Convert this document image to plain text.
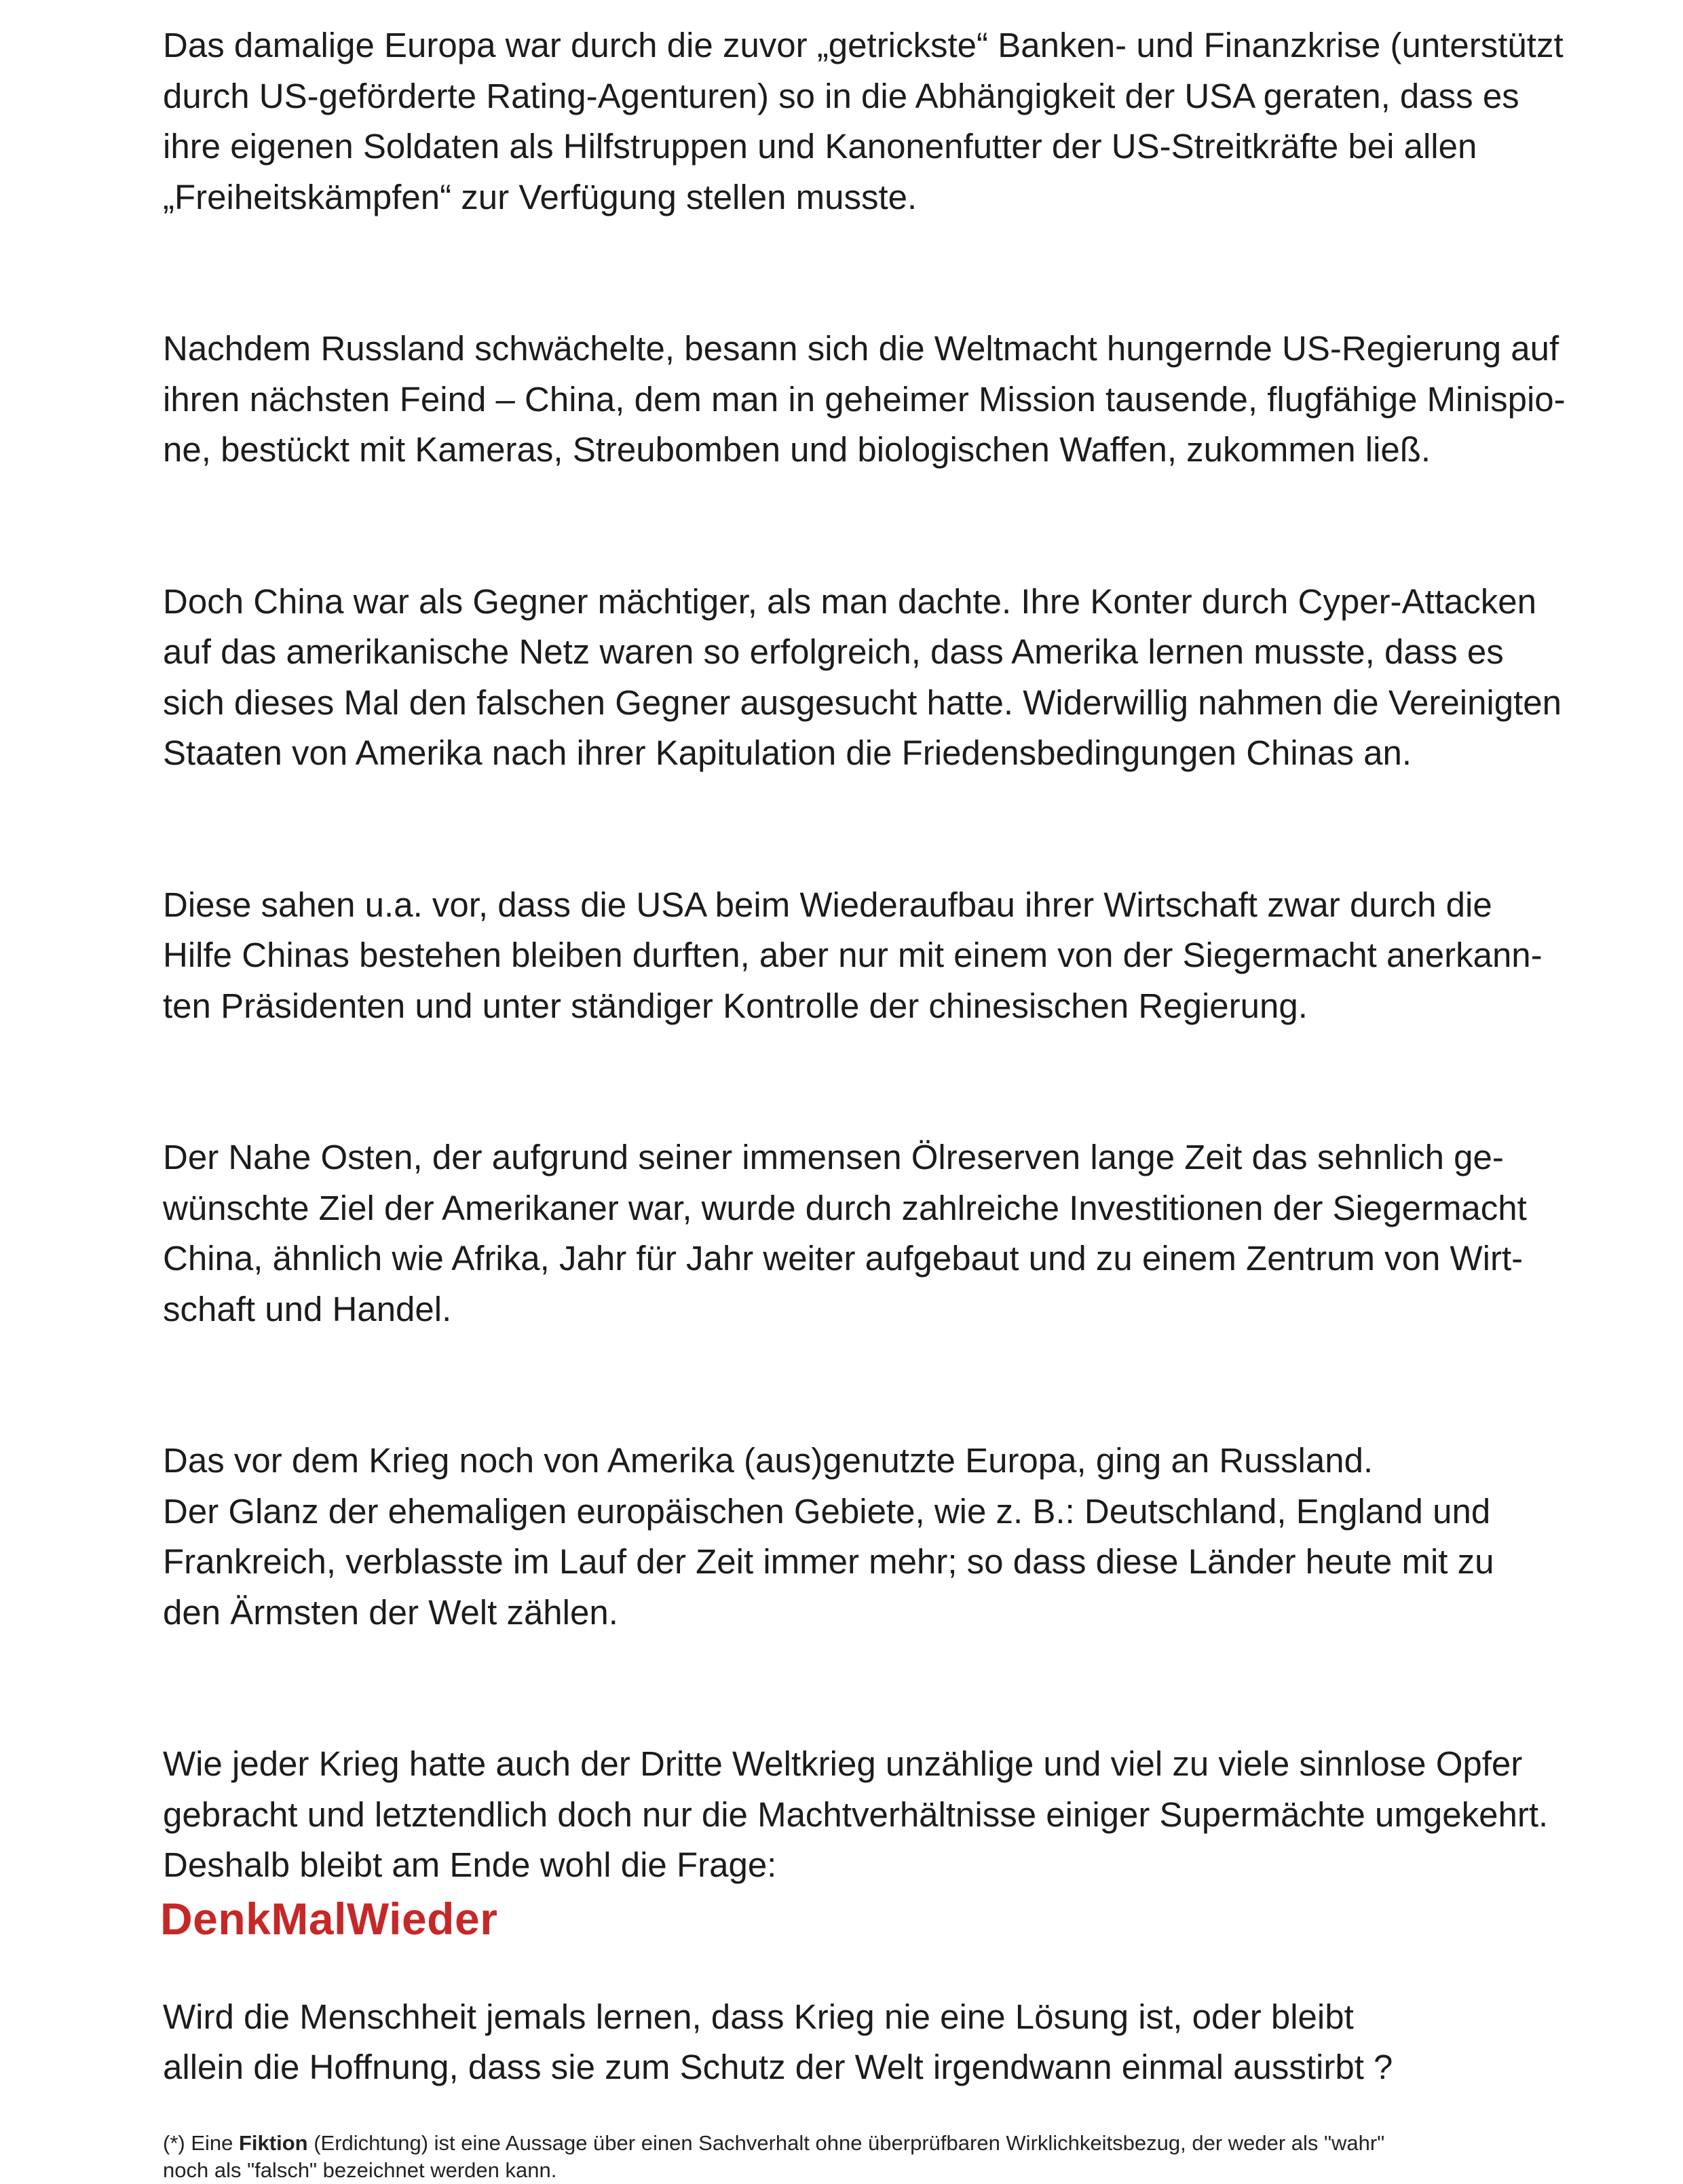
Das damalige Europa war durch die zuvor „getrickste“ Banken- und Finanzkrise (unterstützt
durch US-geförderte Rating-Agenturen) so in die Abhängigkeit der USA geraten, dass es
ihre eigenen Soldaten als Hilfstruppen und Kanonenfutter der US-Streitkräfte bei allen
„Freiheitskämpfen“ zur Verfügung stellen musste.
Nachdem Russland schwächelte, besann sich die Weltmacht hungernde US-Regierung auf
ihren nächsten Feind – China, dem man in geheimer Mission tausende, flugfähige Minispio-
ne, bestückt mit Kameras, Streubomben und biologischen Waffen, zukommen ließ.
Doch China war als Gegner mächtiger, als man dachte. Ihre Konter durch Cyper-Attacken
auf das amerikanische Netz waren so erfolgreich, dass Amerika lernen musste, dass es
sich dieses Mal den falschen Gegner ausgesucht hatte. Widerwillig nahmen die Vereinigten
Staaten von Amerika nach ihrer Kapitulation die Friedensbedingungen Chinas an.
Diese sahen u.a. vor, dass die USA beim Wiederaufbau ihrer Wirtschaft zwar durch die
Hilfe Chinas bestehen bleiben durften, aber nur mit einem von der Siegermacht anerkann-
ten Präsidenten und unter ständiger Kontrolle der chinesischen Regierung.
Der Nahe Osten, der aufgrund seiner immensen Ölreserven lange Zeit das sehnlich ge-
wünschte Ziel der Amerikaner war, wurde durch zahlreiche Investitionen der Siegermacht
China, ähnlich wie Afrika, Jahr für Jahr weiter aufgebaut und zu einem Zentrum von Wirt-
schaft und Handel.
Das vor dem Krieg noch von Amerika (aus)genutzte Europa, ging an Russland.
Der Glanz der ehemaligen europäischen Gebiete, wie z. B.: Deutschland, England und
Frankreich, verblasste im Lauf der Zeit immer mehr; so dass diese Länder heute mit zu
den Ärmsten der Welt zählen.
Wie jeder Krieg hatte auch der Dritte Weltkrieg unzählige und viel zu viele sinnlose Opfer
gebracht und letztendlich doch nur die Machtverhältnisse einiger Supermächte umgekehrt.
Deshalb bleibt am Ende wohl die Frage:
Wird die Menschheit jemals lernen, dass Krieg nie eine Lösung ist, oder bleibt
allein die Hoffnung, dass sie zum Schutz der Welt irgendwann einmal ausstirbt ?
(*) Eine Fiktion (Erdichtung) ist eine Aussage über einen Sachverhalt ohne überprüfbaren Wirklichkeitsbezug, der weder als "wahr"
noch als "falsch" bezeichnet werden kann.
DenkMalWieder
